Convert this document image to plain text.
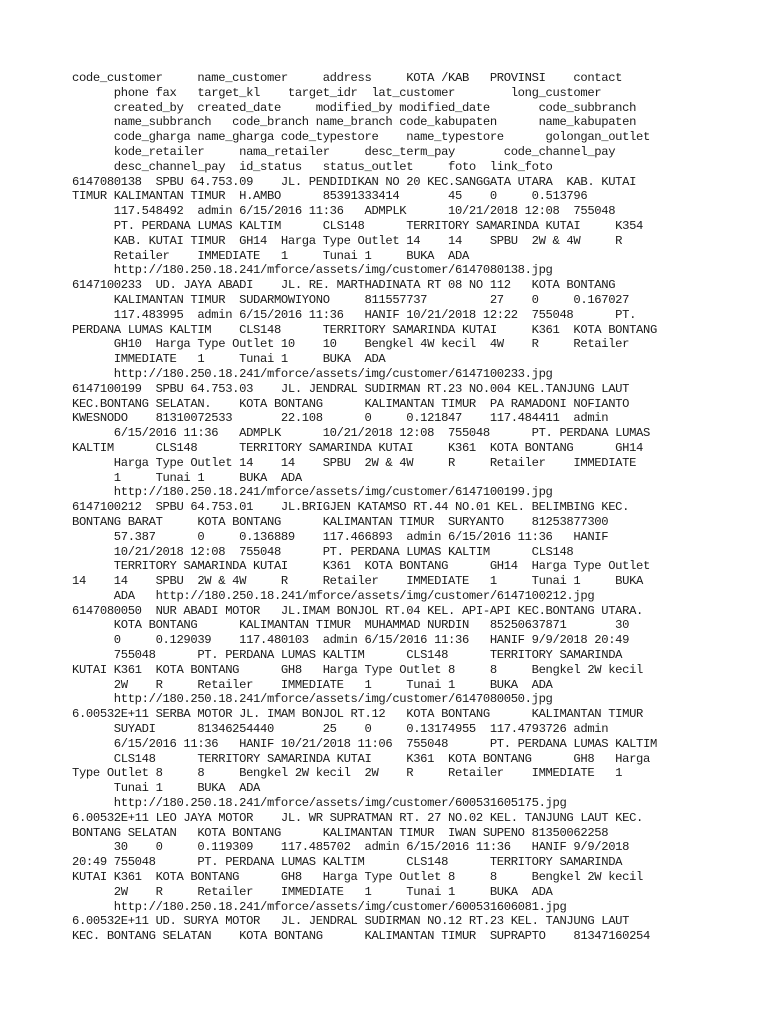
code_customer     name_customer     address     KOTA /KAB   PROVINSI    contact
phone fax   target_kl    target_idr  lat_customer        long_customer
created_by  created_date     modified_by modified_date       code_subbranch
name_subbranch   code_branch name_branch code_kabupaten      name_kabupaten
code_gharga name_gharga code_typestore    name_typestore      golongan_outlet
kode_retailer     nama_retailer     desc_term_pay       code_channel_pay
desc_channel_pay  id_status   status_outlet     foto  link_foto
6147080138  SPBU 64.753.09    JL. PENDIDIKAN NO 20 KEC.SANGGATA UTARA  KAB. KUTAI
TIMUR KALIMANTAN TIMUR  H.AMBO      85391333414       45    0     0.513796
117.548492  admin 6/15/2016 11:36   ADMPLK      10/21/2018 12:08  755048
PT. PERDANA LUMAS KALTIM      CLS148      TERRITORY SAMARINDA KUTAI     K354
KAB. KUTAI TIMUR  GH14  Harga Type Outlet 14    14    SPBU  2W & 4W     R
Retailer    IMMEDIATE   1     Tunai 1     BUKA  ADA
http://180.250.18.241/mforce/assets/img/customer/6147080138.jpg
6147100233  UD. JAYA ABADI    JL. RE. MARTHADINATA RT 08 NO 112   KOTA BONTANG
KALIMANTAN TIMUR  SUDARMOWIYONO     811557737         27    0     0.167027
117.483995  admin 6/15/2016 11:36   HANIF 10/21/2018 12:22  755048      PT.
PERDANA LUMAS KALTIM    CLS148      TERRITORY SAMARINDA KUTAI     K361  KOTA BONTANG
GH10  Harga Type Outlet 10    10    Bengkel 4W kecil  4W    R     Retailer
IMMEDIATE   1     Tunai 1     BUKA  ADA
http://180.250.18.241/mforce/assets/img/customer/6147100233.jpg
6147100199  SPBU 64.753.03    JL. JENDRAL SUDIRMAN RT.23 NO.004 KEL.TANJUNG LAUT
KEC.BONTANG SELATAN.    KOTA BONTANG      KALIMANTAN TIMUR  PA RAMADONI NOFIANTO
KWESNODO    81310072533       22.108      0     0.121847    117.484411  admin
6/15/2016 11:36   ADMPLK      10/21/2018 12:08  755048      PT. PERDANA LUMAS
KALTIM      CLS148      TERRITORY SAMARINDA KUTAI     K361  KOTA BONTANG      GH14
Harga Type Outlet 14    14    SPBU  2W & 4W     R     Retailer    IMMEDIATE
1     Tunai 1     BUKA  ADA
http://180.250.18.241/mforce/assets/img/customer/6147100199.jpg
6147100212  SPBU 64.753.01    JL.BRIGJEN KATAMSO RT.44 NO.01 KEL. BELIMBING KEC.
BONTANG BARAT     KOTA BONTANG      KALIMANTAN TIMUR  SURYANTO    81253877300
57.387      0     0.136889    117.466893  admin 6/15/2016 11:36   HANIF
10/21/2018 12:08  755048      PT. PERDANA LUMAS KALTIM      CLS148
TERRITORY SAMARINDA KUTAI     K361  KOTA BONTANG      GH14  Harga Type Outlet
14    14    SPBU  2W & 4W     R     Retailer    IMMEDIATE   1     Tunai 1     BUKA
ADA   http://180.250.18.241/mforce/assets/img/customer/6147100212.jpg
6147080050  NUR ABADI MOTOR   JL.IMAM BONJOL RT.04 KEL. API-API KEC.BONTANG UTARA.
KOTA BONTANG      KALIMANTAN TIMUR  MUHAMMAD NURDIN   85250637871       30
0     0.129039    117.480103  admin 6/15/2016 11:36   HANIF 9/9/2018 20:49
755048      PT. PERDANA LUMAS KALTIM      CLS148      TERRITORY SAMARINDA
KUTAI K361  KOTA BONTANG      GH8   Harga Type Outlet 8     8     Bengkel 2W kecil
2W    R     Retailer    IMMEDIATE   1     Tunai 1     BUKA  ADA
http://180.250.18.241/mforce/assets/img/customer/6147080050.jpg
6.00532E+11 SERBA MOTOR JL. IMAM BONJOL RT.12   KOTA BONTANG      KALIMANTAN TIMUR
SUYADI      81346254440       25    0     0.13174955  117.4793726 admin
6/15/2016 11:36   HANIF 10/21/2018 11:06  755048      PT. PERDANA LUMAS KALTIM
CLS148      TERRITORY SAMARINDA KUTAI     K361  KOTA BONTANG      GH8   Harga
Type Outlet 8     8     Bengkel 2W kecil  2W    R     Retailer    IMMEDIATE   1
Tunai 1     BUKA  ADA
http://180.250.18.241/mforce/assets/img/customer/600531605175.jpg
6.00532E+11 LEO JAYA MOTOR    JL. WR SUPRATMAN RT. 27 NO.02 KEL. TANJUNG LAUT KEC.
BONTANG SELATAN   KOTA BONTANG      KALIMANTAN TIMUR  IWAN SUPENO 81350062258
30    0     0.119309    117.485702  admin 6/15/2016 11:36   HANIF 9/9/2018
20:49 755048      PT. PERDANA LUMAS KALTIM      CLS148      TERRITORY SAMARINDA
KUTAI K361  KOTA BONTANG      GH8   Harga Type Outlet 8     8     Bengkel 2W kecil
2W    R     Retailer    IMMEDIATE   1     Tunai 1     BUKA  ADA
http://180.250.18.241/mforce/assets/img/customer/600531606081.jpg
6.00532E+11 UD. SURYA MOTOR   JL. JENDRAL SUDIRMAN NO.12 RT.23 KEL. TANJUNG LAUT
KEC. BONTANG SELATAN    KOTA BONTANG      KALIMANTAN TIMUR  SUPRAPTO    81347160254
